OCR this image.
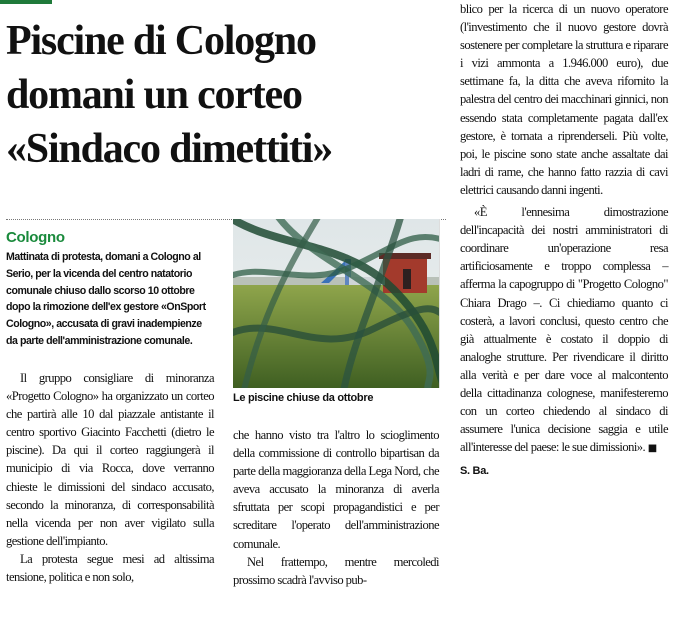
Piscine di Cologno
domani un corteo
«Sindaco dimettiti»
Cologno

Mattinata di protesta, domani a Cologno al Serio, per la vicenda del centro natatorio comunale chiuso dallo scorso 10 ottobre dopo la rimozione dell'ex gestore «OnSport Cologno», accusata di gravi inadempienze da parte dell'amministrazione comunale.

Il gruppo consigliare di minoranza «Progetto Cologno» ha organizzato un corteo che partirà alle 10 dal piazzale antistante il centro sportivo Giacinto Facchetti (dietro le piscine). Da qui il corteo raggiungerà il municipio di via Rocca, dove verranno chieste le dimissioni del sindaco accusato, secondo la minoranza, di corresponsabilità nella vicenda per non aver vigilato sulla gestione dell'impianto.

La protesta segue mesi ad altissima tensione, politica e non solo,

Le piscine chiuse da ottobre

che hanno visto tra l'altro lo scioglimento della commissione di controllo bipartisan da parte della maggioranza della Lega Nord, che aveva accusato la minoranza di averla sfruttata per scopi propagandistici e per screditare l'operato dell'amministrazione comunale.

Nel frattempo, mentre mercoledì prossimo scadrà l'avviso pub-

blico per la ricerca di un nuovo operatore (l'investimento che il nuovo gestore dovrà sostenere per completare la struttura e riparare i vizi ammonta a 1.946.000 euro), due settimane fa, la ditta che aveva rifornito la palestra del centro dei macchinari ginnici, non essendo stata completamente pagata dall'ex gestore, è tornata a riprenderseli. Più volte, poi, le piscine sono state anche assaltate dai ladri di rame, che hanno fatto razzia di cavi elettrici causando danni ingenti.

«È l'ennesima dimostrazione dell'incapacità dei nostri amministratori di coordinare un'operazione resa artificiosamente e troppo complessa – afferma la capogruppo di "Progetto Cologno" Chiara Drago –. Ci chiediamo quanto ci costerà, a lavori conclusi, questo centro che già attualmente è costato il doppio di analoghe strutture. Per rivendicare il diritto alla verità e per dare voce al malcontento della cittadinanza colognese, manifesteremo con un corteo chiedendo al sindaco di assumere l'unica decisione saggia e utile all'interesse del paese: le sue dimissioni». ■

S. Ba.
